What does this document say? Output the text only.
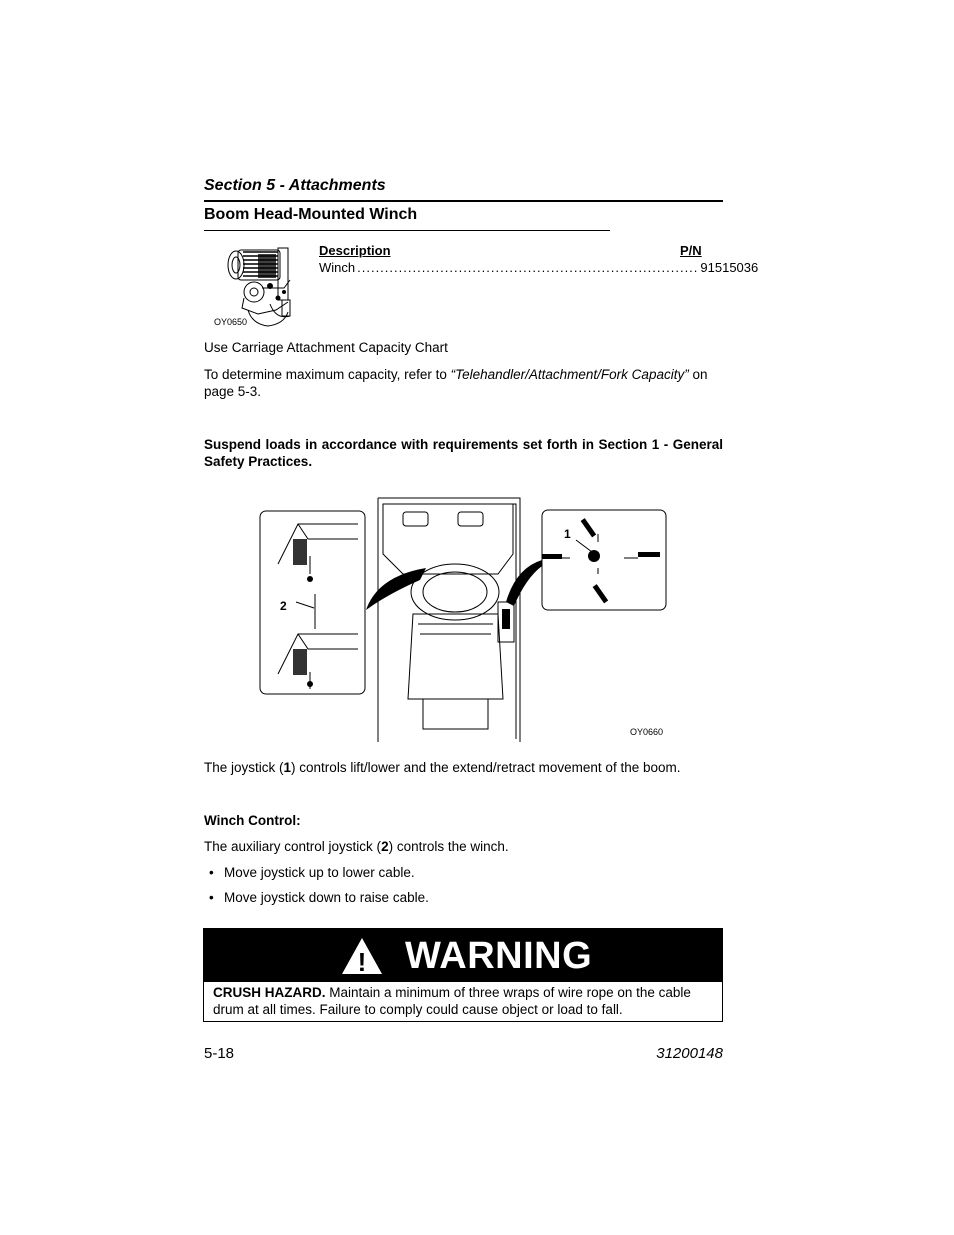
Section 5 - Attachments
Boom Head-Mounted Winch
OY0650
Description	P/N
Winch .......................................................................... 91515036
Use Carriage Attachment Capacity Chart
To determine maximum capacity, refer to “Telehandler/Attachment/Fork Capacity” on page 5-3.
Suspend loads in accordance with requirements set forth in Section 1 - General Safety Practices.
2
1
OY0660
The joystick (1) controls lift/lower and the extend/retract movement of the boom.
Winch Control:
The auxiliary control joystick (2) controls the winch.
• Move joystick up to lower cable.
• Move joystick down to raise cable.
! WARNING
CRUSH HAZARD. Maintain a minimum of three wraps of wire rope on the cable drum at all times. Failure to comply could cause object or load to fall.
5-18	31200148
